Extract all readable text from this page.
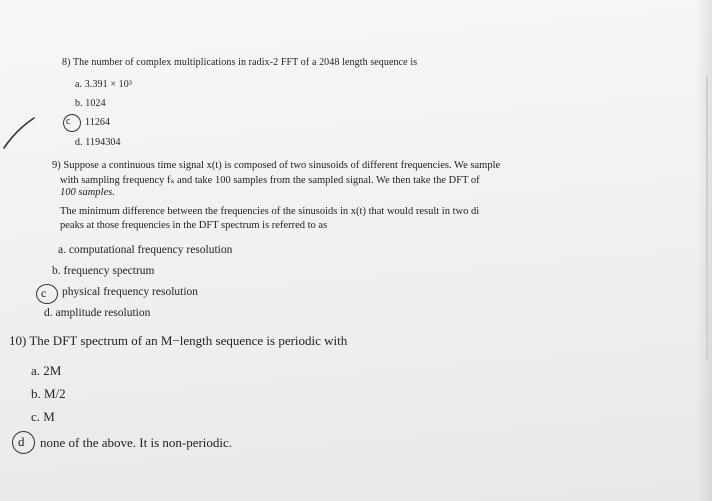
8) The number of complex multiplications in radix-2 FFT of a 2048 length sequence is
a. 3.391 × 10³
b. 1024
c 11264
d. 1194304
9) Suppose a continuous time signal x(t) is composed of two sinusoids of different frequencies. We sample
with sampling frequency fₛ and take 100 samples from the sampled signal. We then take the DFT of
100 samples.
The minimum difference between the frequencies of the sinusoids in x(t) that would result in two di
peaks at those frequencies in the DFT spectrum is referred to as
a. computational frequency resolution
b. frequency spectrum
c physical frequency resolution
d. amplitude resolution
10) The DFT spectrum of an M−length sequence is periodic with
a. 2M
b. M/2
c. M
d none of the above. It is non-periodic.
